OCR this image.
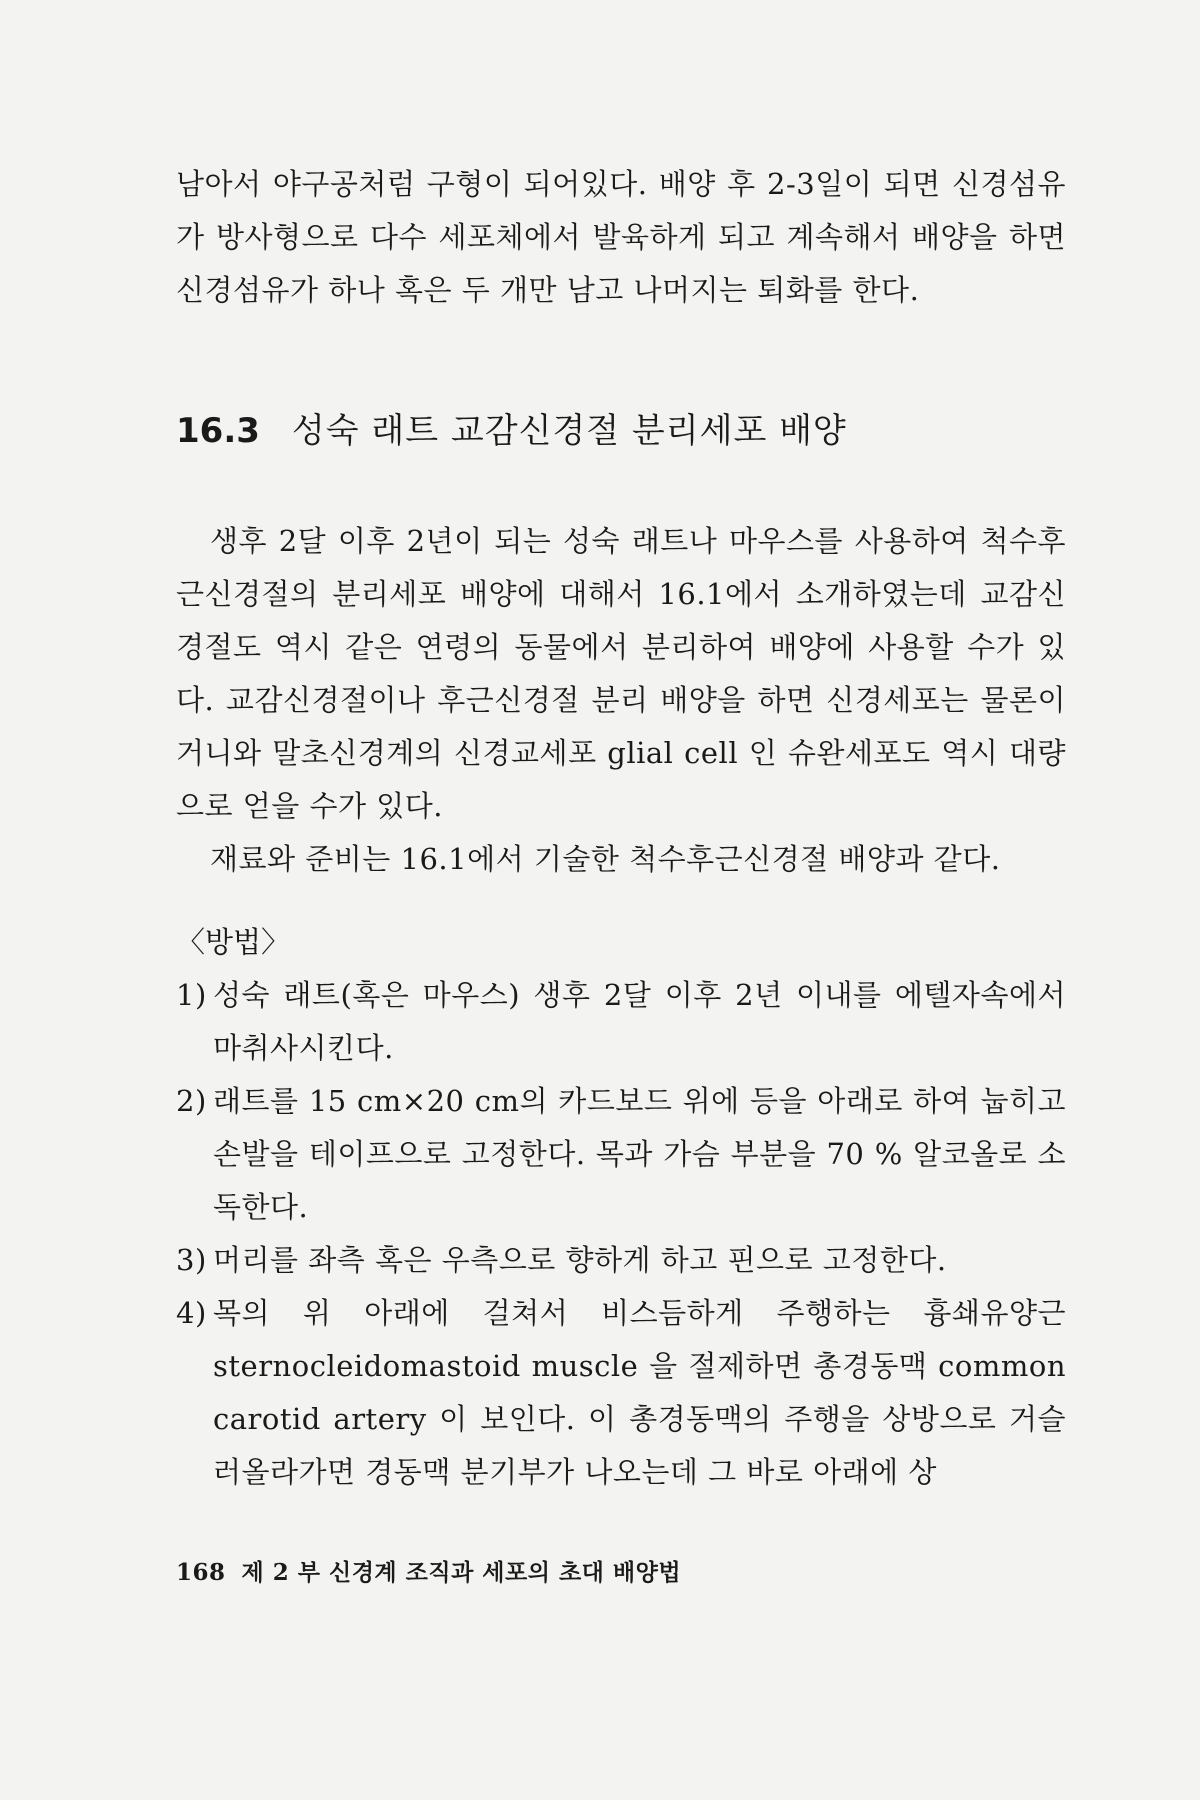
남아서 야구공처럼 구형이 되어있다. 배양 후 2-3일이 되면 신경섬유가 방사형으로 다수 세포체에서 발육하게 되고 계속해서 배양을 하면 신경섬유가 하나 혹은 두 개만 남고 나머지는 퇴화를 한다.

16.3 성숙 래트 교감신경절 분리세포 배양

생후 2달 이후 2년이 되는 성숙 래트나 마우스를 사용하여 척수후근신경절의 분리세포 배양에 대해서 16.1에서 소개하였는데 교감신경절도 역시 같은 연령의 동물에서 분리하여 배양에 사용할 수가 있다. 교감신경절이나 후근신경절 분리 배양을 하면 신경세포는 물론이거니와 말초신경계의 신경교세포 glial cell 인 슈완세포도 역시 대량으로 얻을 수가 있다.

재료와 준비는 16.1에서 기술한 척수후근신경절 배양과 같다.

〈방법〉
1) 성숙 래트(혹은 마우스) 생후 2달 이후 2년 이내를 에텔자속에서 마취사시킨다.
2) 래트를 15 cm×20 cm의 카드보드 위에 등을 아래로 하여 눕히고 손발을 테이프으로 고정한다. 목과 가슴 부분을 70 % 알코올로 소독한다.
3) 머리를 좌측 혹은 우측으로 향하게 하고 핀으로 고정한다.
4) 목의 위 아래에 걸쳐서 비스듬하게 주행하는 흉쇄유양근 sternocleidomastoid muscle 을 절제하면 총경동맥 common carotid artery 이 보인다. 이 총경동맥의 주행을 상방으로 거슬러올라가면 경동맥 분기부가 나오는데 그 바로 아래에 상
168 제 2 부 신경계 조직과 세포의 초대 배양법
